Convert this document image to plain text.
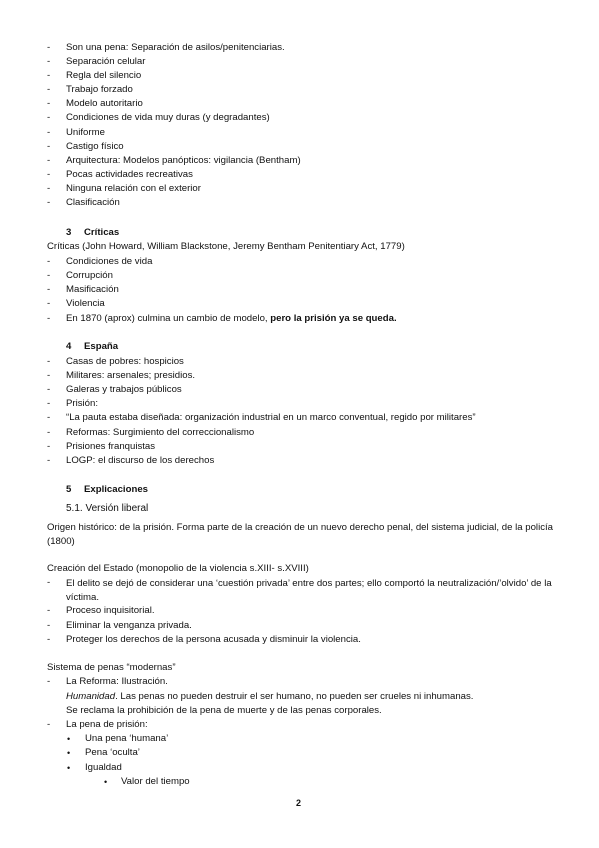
- Son una pena: Separación de asilos/penitenciarias.
- Separación celular
- Regla del silencio
- Trabajo forzado
- Modelo autoritario
- Condiciones de vida muy duras (y degradantes)
- Uniforme
- Castigo físico
- Arquitectura: Modelos panópticos: vigilancia (Bentham)
- Pocas actividades recreativas
- Ninguna relación con el exterior
- Clasificación
3 Críticas
Críticas (John Howard, William Blackstone, Jeremy Bentham Penitentiary Act, 1779)
- Condiciones de vida
- Corrupción
- Masificación
- Violencia
- En 1870 (aprox) culmina un cambio de modelo, pero la prisión ya se queda.
4 España
- Casas de pobres: hospicios
- Militares: arsenales; presidios.
- Galeras y trabajos públicos
- Prisión:
- “La pauta estaba diseñada: organización industrial en un marco conventual, regido por militares”
- Reformas: Surgimiento del correccionalismo
- Prisiones franquistas
- LOGP: el discurso de los derechos
5 Explicaciones
5.1. Versión liberal
Origen histórico: de la prisión. Forma parte de la creación de un nuevo derecho penal, del sistema judicial, de la policía (1800)
Creación del Estado (monopolio de la violencia s.XIII- s.XVIII)
- El delito se dejó de considerar una ‘cuestión privada’ entre dos partes; ello comportó la neutralización/’olvido’ de la víctima.
- Proceso inquisitorial.
- Eliminar la venganza privada.
- Proteger los derechos de la persona acusada y disminuir la violencia.
Sistema de penas “modernas”
- La Reforma: Ilustración.
Humanidad. Las penas no pueden destruir el ser humano, no pueden ser crueles ni inhumanas.
Se reclama la prohibición de la pena de muerte y de las penas corporales.
- La pena de prisión:
• Una pena ‘humana’
• Pena ‘oculta’
• Igualdad
• Valor del tiempo
2
